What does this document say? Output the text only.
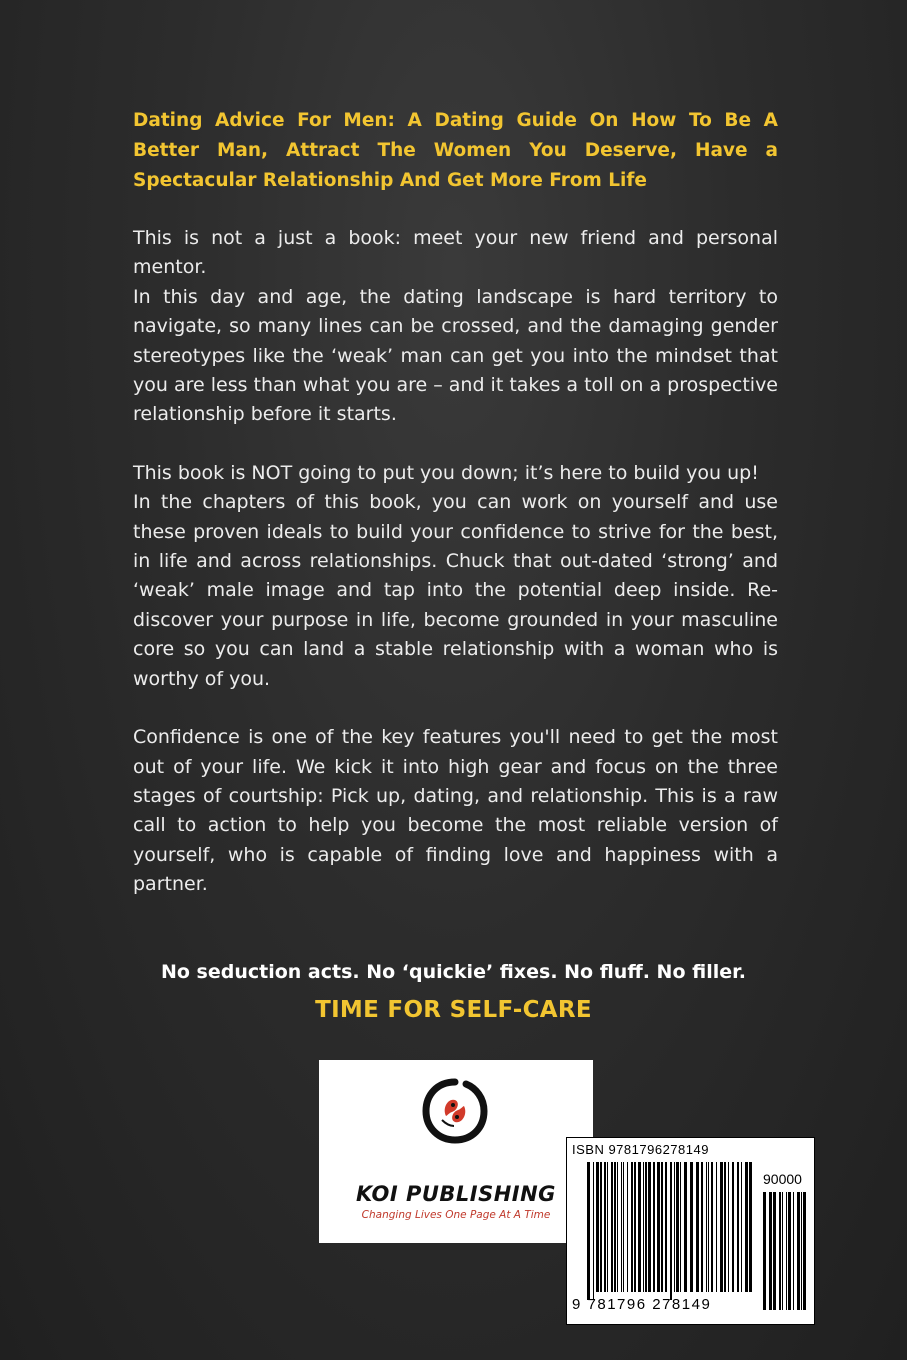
Dating Advice For Men: A Dating Guide On How To Be A Better Man, Attract The Women You Deserve, Have a Spectacular Relationship And Get More From Life

This is not a just a book: meet your new friend and personal mentor.

In this day and age, the dating landscape is hard territory to navigate, so many lines can be crossed, and the damaging gender stereotypes like the ‘weak’ man can get you into the mindset that you are less than what you are – and it takes a toll on a prospective relationship before it starts.

This book is NOT going to put you down; it’s here to build you up!

In the chapters of this book, you can work on yourself and use these proven ideals to build your confidence to strive for the best, in life and across relationships. Chuck that out-dated ‘strong’ and ‘weak’ male image and tap into the potential deep inside. Re-discover your purpose in life, become grounded in your masculine core so you can land a stable relationship with a woman who is worthy of you.

Confidence is one of the key features you'll need to get the most out of your life. We kick it into high gear and focus on the three stages of courtship: Pick up, dating, and relationship. This is a raw call to action to help you become the most reliable version of yourself, who is capable of finding love and happiness with a partner.

No seduction acts. No ‘quickie’ fixes. No fluff. No filler.
TIME FOR SELF-CARE
KOI PUBLISHING
Changing Lives One Page At A Time
ISBN 9781796278149
90000
9 781796 278149
